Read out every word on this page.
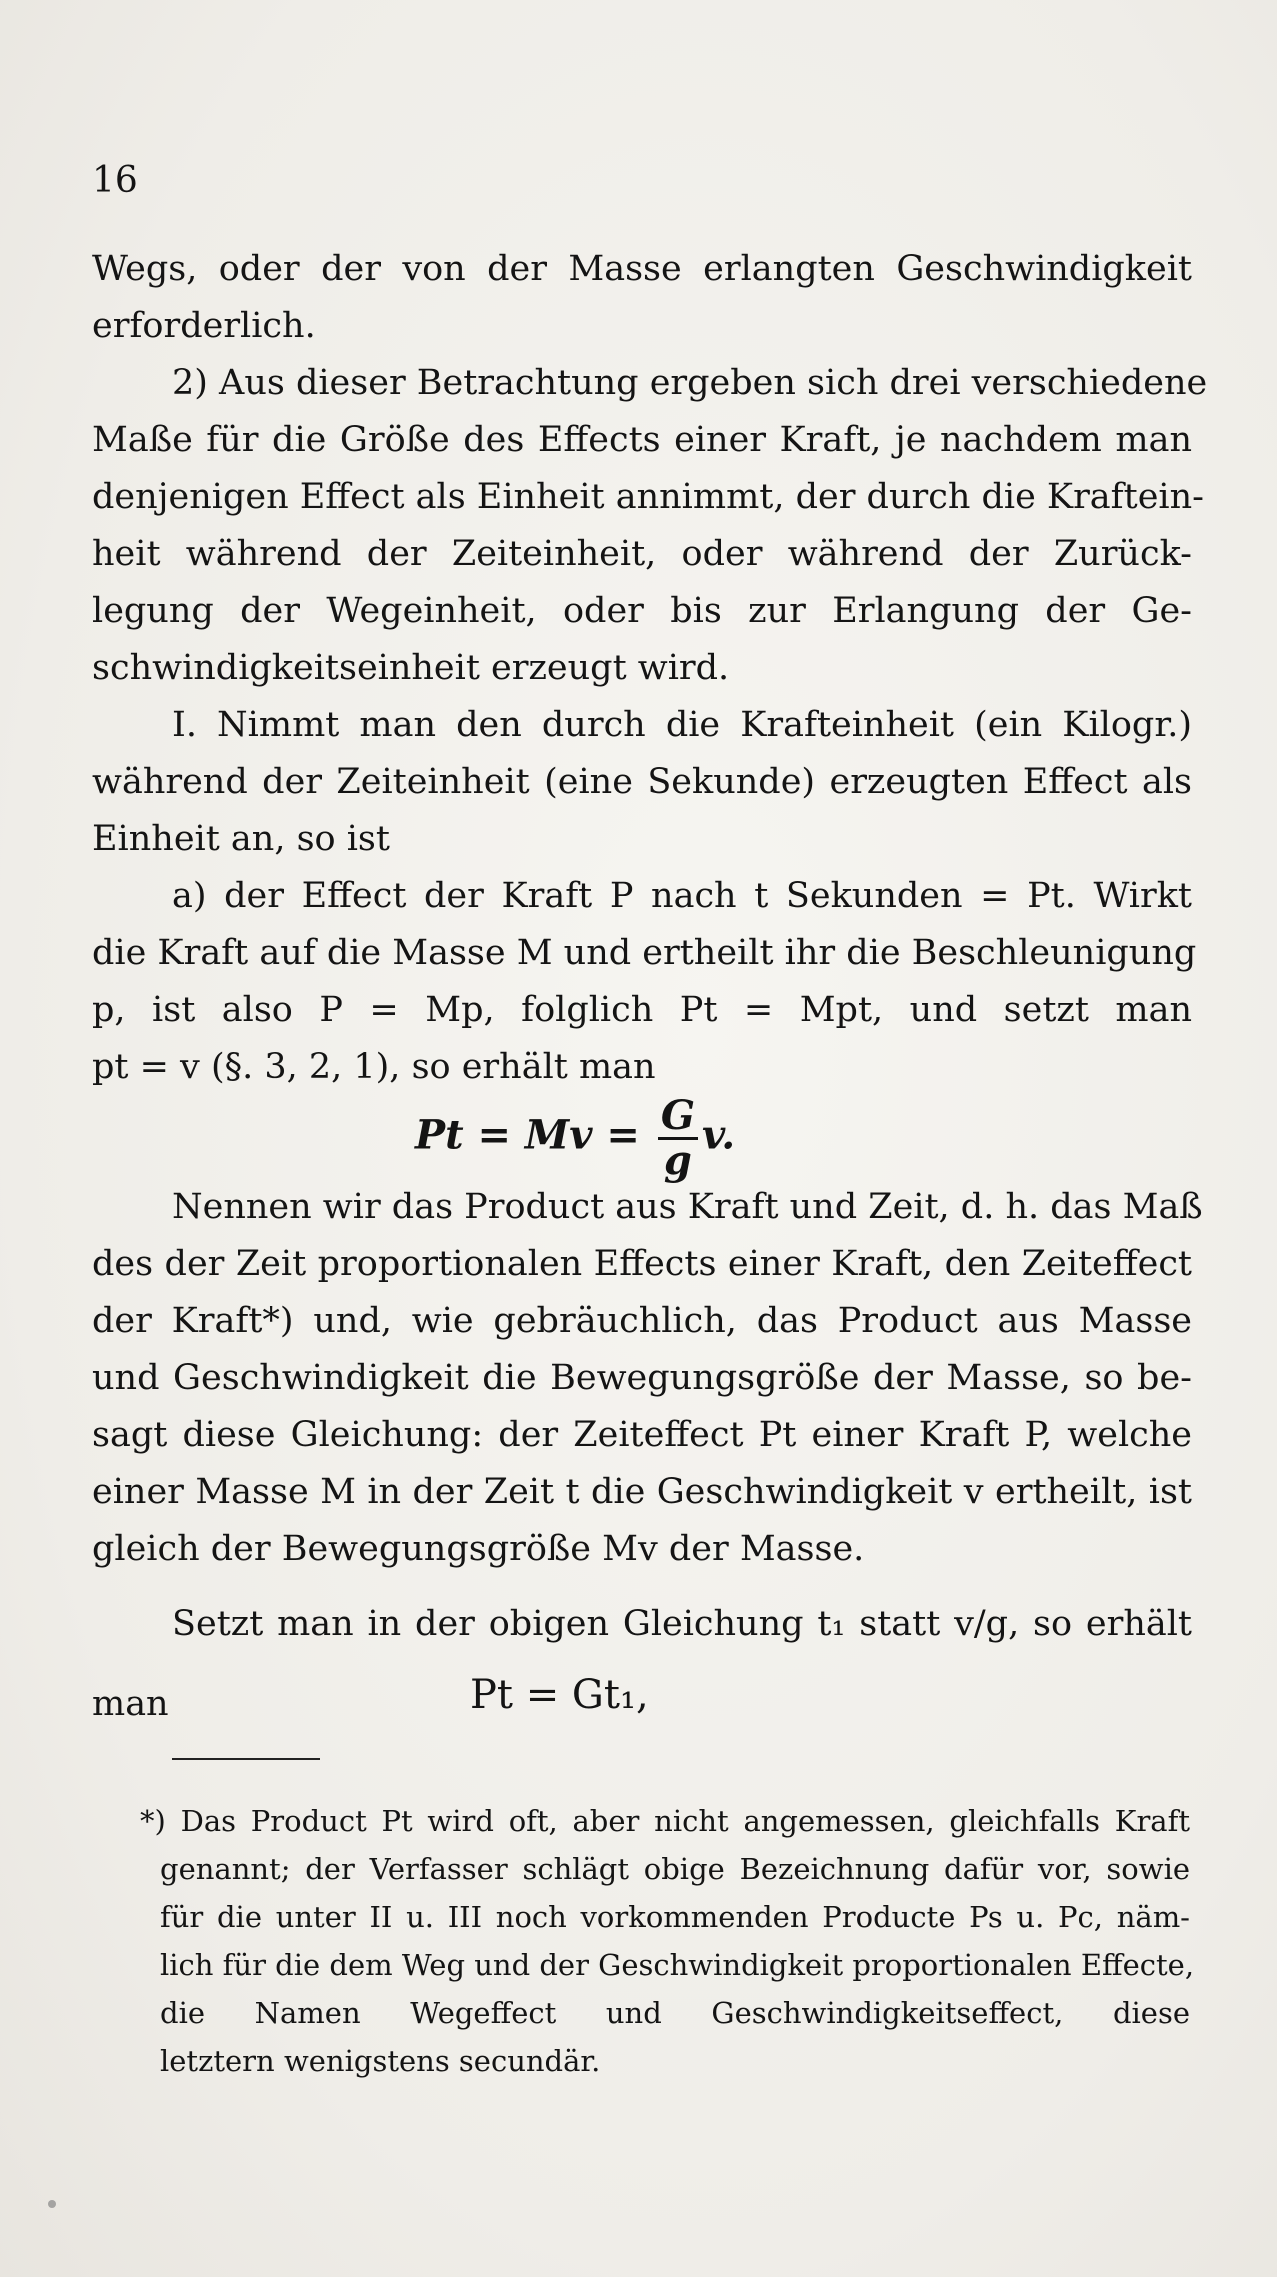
16
Wegs, oder der von der Masse erlangten Geschwindigkeit
erforderlich.
2) Aus dieser Betrachtung ergeben sich drei verschiedene
Maße für die Größe des Effects einer Kraft, je nachdem man
denjenigen Effect als Einheit annimmt, der durch die Kraftein-
heit während der Zeiteinheit, oder während der Zurück-
legung der Wegeinheit, oder bis zur Erlangung der Ge-
schwindigkeitseinheit erzeugt wird.
I. Nimmt man den durch die Krafteinheit (ein Kilogr.)
während der Zeiteinheit (eine Sekunde) erzeugten Effect als
Einheit an, so ist
a) der Effect der Kraft P nach t Sekunden = Pt. Wirkt
die Kraft auf die Masse M und ertheilt ihr die Beschleunigung
p, ist also P = Mp, folglich Pt = Mpt, und setzt man
pt = v (§. 3, 2, 1), so erhält man
$Pt = Mv = \frac{G}{g} v$.
Nennen wir das Product aus Kraft und Zeit, d. h. das Maß
des der Zeit proportionalen Effects einer Kraft, den Zeiteffect
der Kraft*) und, wie gebräuchlich, das Product aus Masse
und Geschwindigkeit die Bewegungsgröße der Masse, so be-
sagt diese Gleichung: der Zeiteffect Pt einer Kraft P, welche
einer Masse M in der Zeit t die Geschwindigkeit v ertheilt, ist
gleich der Bewegungsgröße Mv der Masse.
Setzt man in der obigen Gleichung t₁ statt v/g, so erhält
man	Pt = Gt₁,
*) Das Product Pt wird oft, aber nicht angemessen, gleichfalls Kraft
genannt; der Verfasser schlägt obige Bezeichnung dafür vor, sowie
für die unter II u. III noch vorkommenden Producte Ps u. Pc, näm-
lich für die dem Weg und der Geschwindigkeit proportionalen Effecte,
die Namen Wegeffect und Geschwindigkeitseffect, diese
letztern wenigstens secundär.
